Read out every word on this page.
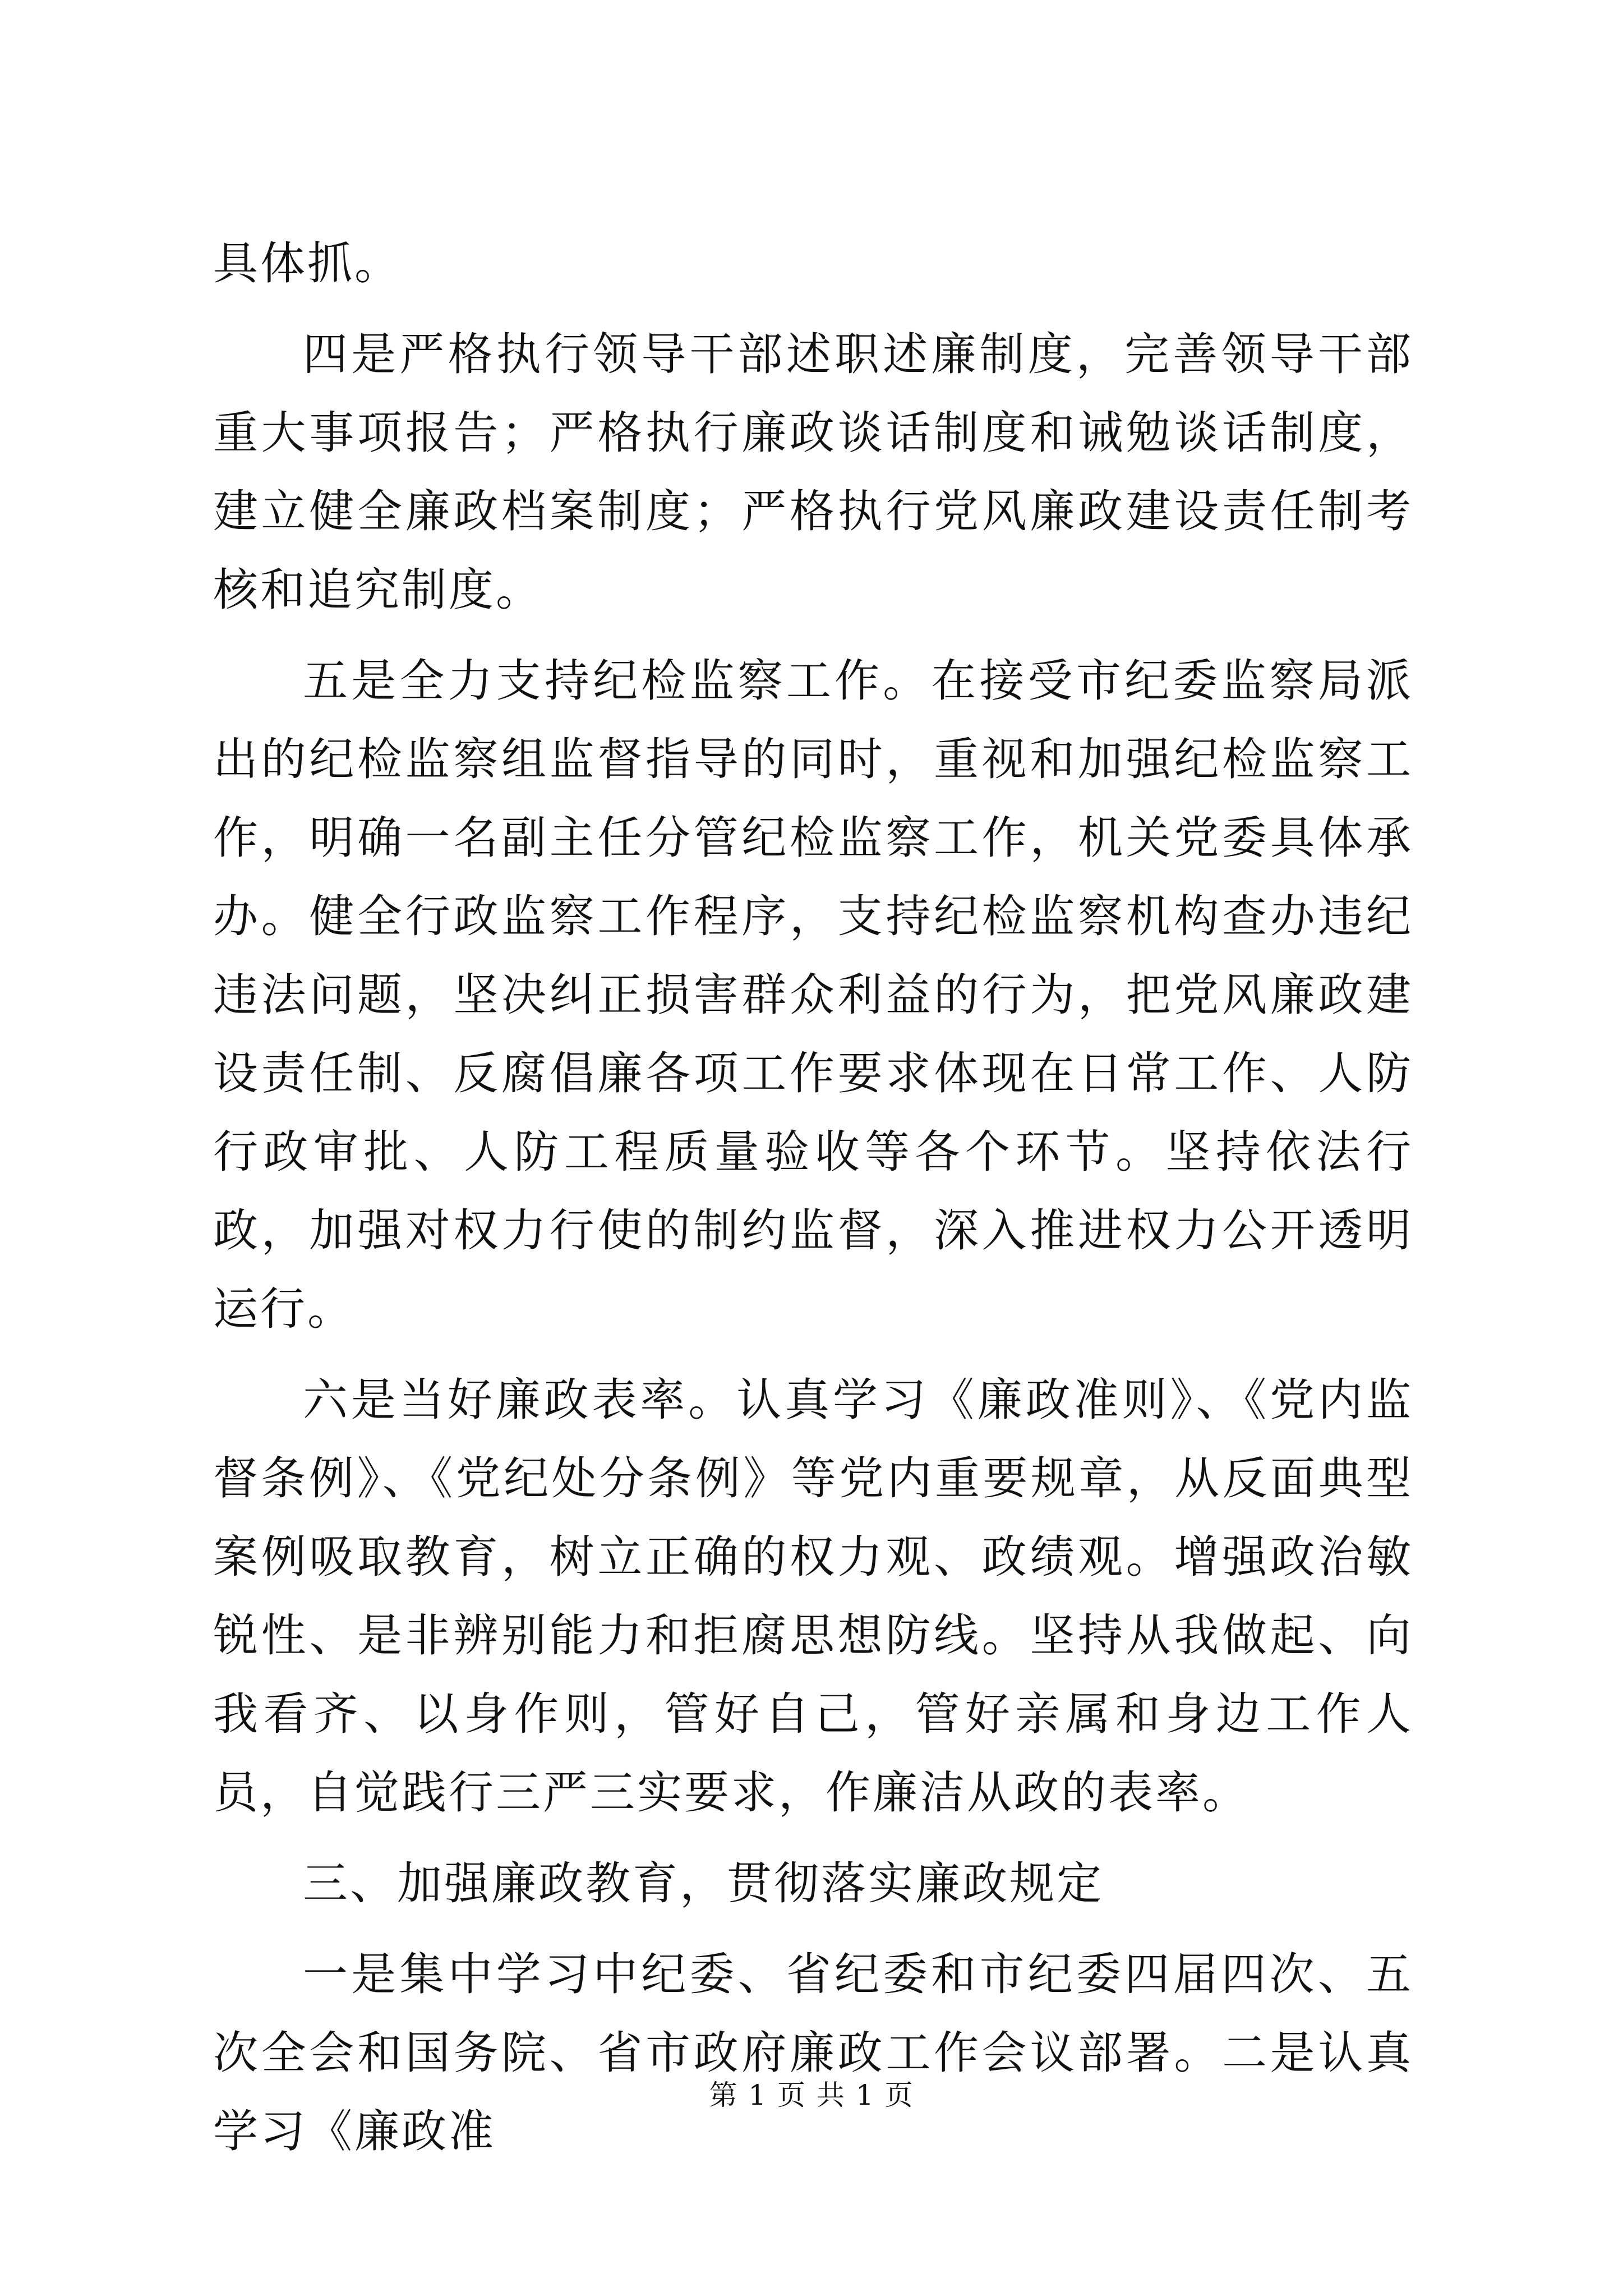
具体抓。

四是严格执行领导干部述职述廉制度，完善领导干部重大事项报告；严格执行廉政谈话制度和诫勉谈话制度，建立健全廉政档案制度；严格执行党风廉政建设责任制考核和追究制度。

五是全力支持纪检监察工作。在接受市纪委监察局派出的纪检监察组监督指导的同时，重视和加强纪检监察工作，明确一名副主任分管纪检监察工作，机关党委具体承办。健全行政监察工作程序，支持纪检监察机构查办违纪违法问题，坚决纠正损害群众利益的行为，把党风廉政建设责任制、反腐倡廉各项工作要求体现在日常工作、人防行政审批、人防工程质量验收等各个环节。坚持依法行政，加强对权力行使的制约监督，深入推进权力公开透明运行。

六是当好廉政表率。认真学习《廉政准则》、《党内监督条例》、《党纪处分条例》等党内重要规章，从反面典型案例吸取教育，树立正确的权力观、政绩观。增强政治敏锐性、是非辨别能力和拒腐思想防线。坚持从我做起、向我看齐、以身作则，管好自己，管好亲属和身边工作人员，自觉践行三严三实要求，作廉洁从政的表率。

三、加强廉政教育，贯彻落实廉政规定

一是集中学习中纪委、省纪委和市纪委四届四次、五次全会和国务院、省市政府廉政工作会议部署。二是认真学习《廉政准

第 1 页 共 1 页
